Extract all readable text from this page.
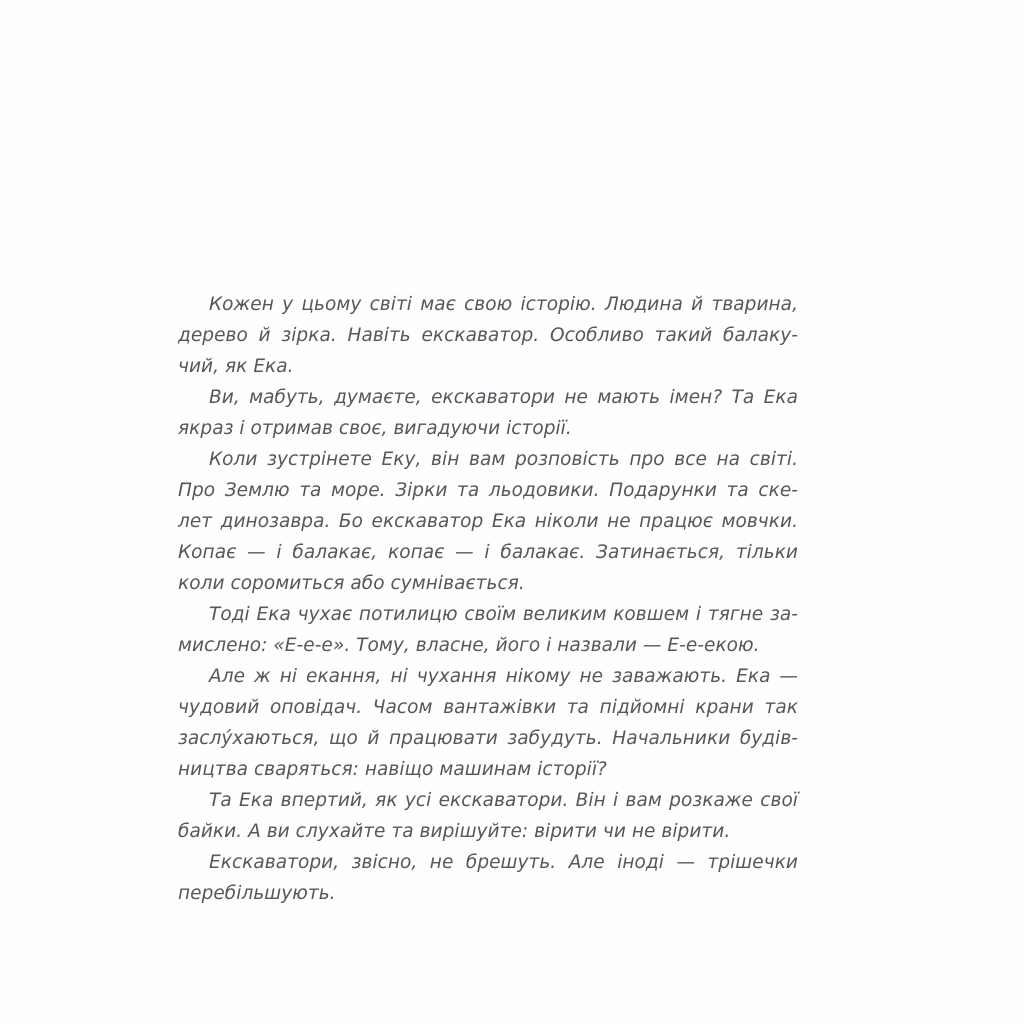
Кожен у цьому світі має свою історію. Людина й тварина,
дерево й зірка. Навіть екскаватор. Особливо такий балаку-
чий, як Ека.
Ви, мабуть, думаєте, екскаватори не мають імен? Та Ека
якраз і отримав своє, вигадуючи історії.
Коли зустрінете Еку, він вам розповість про все на світі.
Про Землю та море. Зірки та льодовики. Подарунки та ске-
лет динозавра. Бо екскаватор Ека ніколи не працює мовчки.
Копає — і балакає, копає — і балакає. Затинається, тільки
коли соромиться або сумнівається.
Тоді Ека чухає потилицю своїм великим ковшем і тягне за-
мислено: «Е-е-е». Тому, власне, його і назвали — Е-е-екою.
Але ж ні екання, ні чухання нікому не заважають. Ека —
чудовий оповідач. Часом вантажівки та підйомні крани так
заслу́хаються, що й працювати забудуть. Начальники будів-
ництва сваряться: навіщо машинам історії?
Та Ека впертий, як усі екскаватори. Він і вам розкаже свої
байки. А ви слухайте та вирішуйте: вірити чи не вірити.
Екскаватори, звісно, не брешуть. Але іноді — трішечки
перебільшують.
